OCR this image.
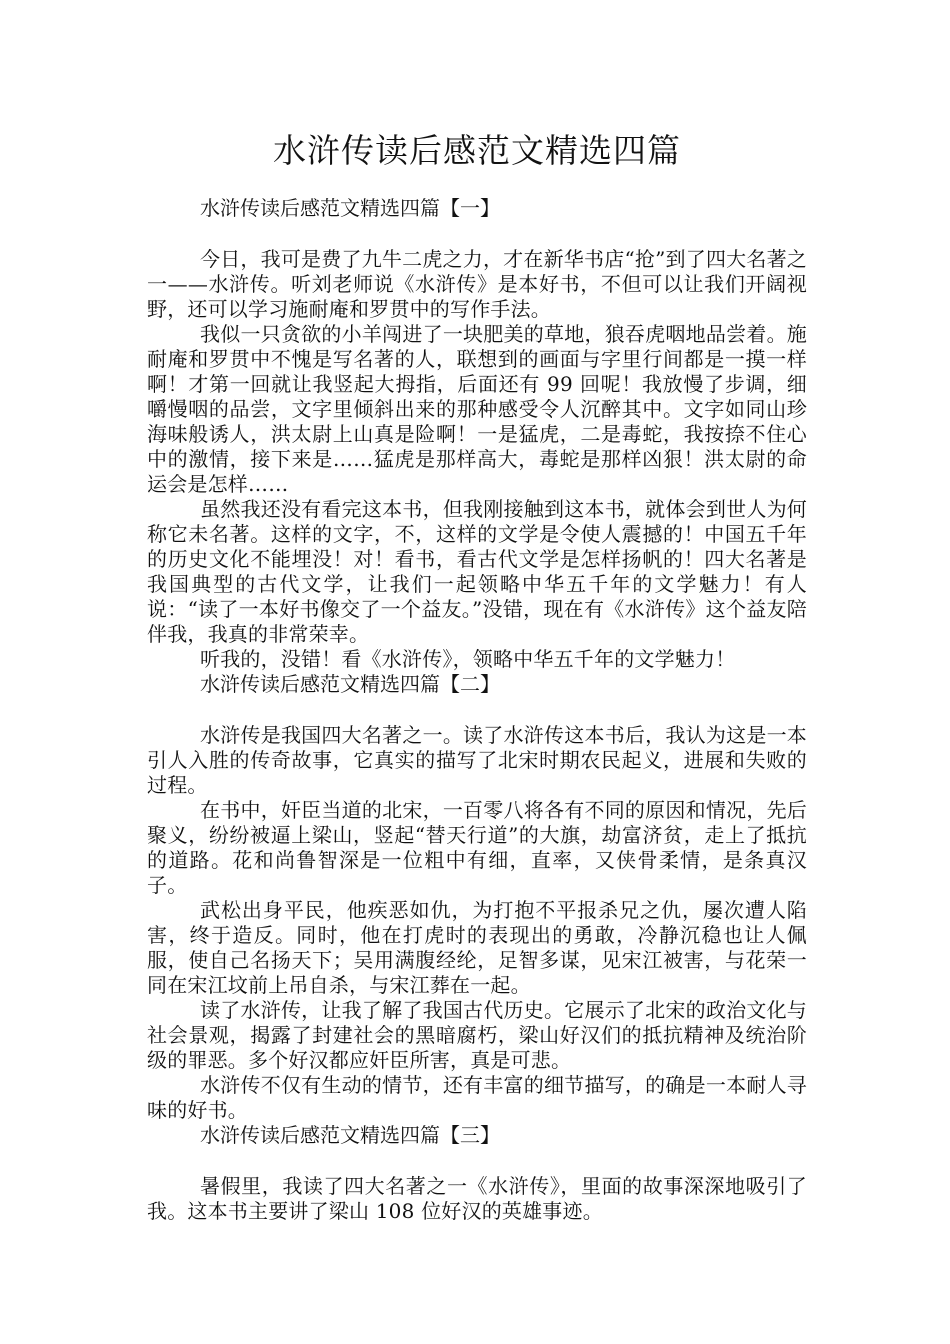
水浒传读后感范文精选四篇

水浒传读后感范文精选四篇【一】

今日，我可是费了九牛二虎之力，才在新华书店“抢”到了四大名著之一——水浒传。听刘老师说《水浒传》是本好书，不但可以让我们开阔视野，还可以学习施耐庵和罗贯中的写作手法。

我似一只贪欲的小羊闯进了一块肥美的草地，狼吞虎咽地品尝着。施耐庵和罗贯中不愧是写名著的人，联想到的画面与字里行间都是一摸一样啊！才第一回就让我竖起大拇指，后面还有 99 回呢！我放慢了步调，细嚼慢咽的品尝，文字里倾斜出来的那种感受令人沉醉其中。文字如同山珍海味般诱人，洪太尉上山真是险啊！一是猛虎，二是毒蛇，我按捺不住心中的激情，接下来是……猛虎是那样高大，毒蛇是那样凶狠！洪太尉的命运会是怎样……

虽然我还没有看完这本书，但我刚接触到这本书，就体会到世人为何称它未名著。这样的文字，不，这样的文学是令使人震撼的！中国五千年的历史文化不能埋没！对！看书，看古代文学是怎样扬帆的！四大名著是我国典型的古代文学，让我们一起领略中华五千年的文学魅力！有人说：“读了一本好书像交了一个益友。”没错，现在有《水浒传》这个益友陪伴我，我真的非常荣幸。

听我的，没错！看《水浒传》，领略中华五千年的文学魅力！

水浒传读后感范文精选四篇【二】

水浒传是我国四大名著之一。读了水浒传这本书后，我认为这是一本引人入胜的传奇故事，它真实的描写了北宋时期农民起义，进展和失败的过程。

在书中，奸臣当道的北宋，一百零八将各有不同的原因和情况，先后聚义，纷纷被逼上梁山，竖起“替天行道”的大旗，劫富济贫，走上了抵抗的道路。花和尚鲁智深是一位粗中有细，直率，又侠骨柔情，是条真汉子。

武松出身平民，他疾恶如仇，为打抱不平报杀兄之仇，屡次遭人陷害，终于造反。同时，他在打虎时的表现出的勇敢，冷静沉稳也让人佩服，使自己名扬天下；吴用满腹经纶，足智多谋，见宋江被害，与花荣一同在宋江坟前上吊自杀，与宋江葬在一起。

读了水浒传，让我了解了我国古代历史。它展示了北宋的政治文化与社会景观，揭露了封建社会的黑暗腐朽，梁山好汉们的抵抗精神及统治阶级的罪恶。多个好汉都应奸臣所害，真是可悲。

水浒传不仅有生动的情节，还有丰富的细节描写，的确是一本耐人寻味的好书。

水浒传读后感范文精选四篇【三】

暑假里，我读了四大名著之一《水浒传》，里面的故事深深地吸引了我。这本书主要讲了梁山 108 位好汉的英雄事迹。
